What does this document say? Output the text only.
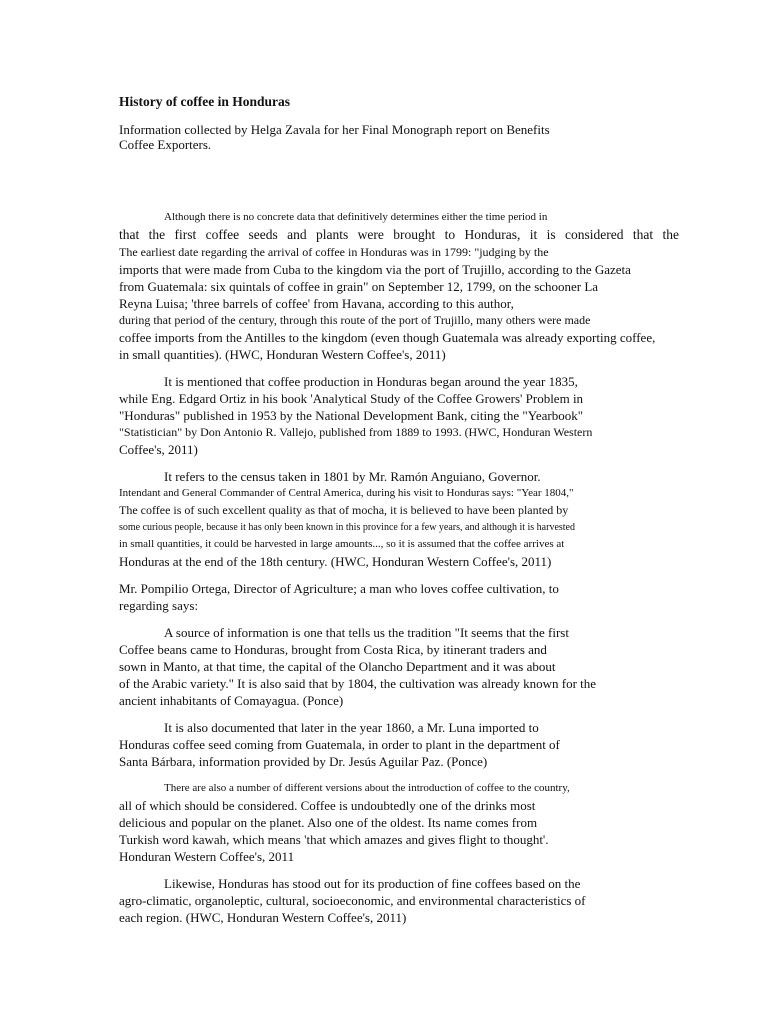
History of coffee in Honduras
Information collected by Helga Zavala for her Final Monograph report on Benefits
Coffee Exporters.
Although there is no concrete data that definitively determines either the time period in
that the first coffee seeds and plants were brought to Honduras, it is considered that the
The earliest date regarding the arrival of coffee in Honduras was in 1799: "judging by the
imports that were made from Cuba to the kingdom via the port of Trujillo, according to the Gazeta
from Guatemala: six quintals of coffee in grain" on September 12, 1799, on the schooner La
Reyna Luisa; 'three barrels of coffee' from Havana, according to this author,
during that period of the century, through this route of the port of Trujillo, many others were made
coffee imports from the Antilles to the kingdom (even though Guatemala was already exporting coffee,
in small quantities). (HWC, Honduran Western Coffee's, 2011)
It is mentioned that coffee production in Honduras began around the year 1835,
while Eng. Edgard Ortiz in his book 'Analytical Study of the Coffee Growers' Problem in
"Honduras" published in 1953 by the National Development Bank, citing the "Yearbook"
"Statistician" by Don Antonio R. Vallejo, published from 1889 to 1993. (HWC, Honduran Western
Coffee's, 2011)
It refers to the census taken in 1801 by Mr. Ramón Anguiano, Governor.
Intendant and General Commander of Central America, during his visit to Honduras says: "Year 1804,"
The coffee is of such excellent quality as that of mocha, it is believed to have been planted by
some curious people, because it has only been known in this province for a few years, and although it is harvested
in small quantities, it could be harvested in large amounts..., so it is assumed that the coffee arrives at
Honduras at the end of the 18th century. (HWC, Honduran Western Coffee's, 2011)
Mr. Pompilio Ortega, Director of Agriculture; a man who loves coffee cultivation, to
regarding says:
A source of information is one that tells us the tradition "It seems that the first
Coffee beans came to Honduras, brought from Costa Rica, by itinerant traders and
sown in Manto, at that time, the capital of the Olancho Department and it was about
of the Arabic variety." It is also said that by 1804, the cultivation was already known for the
ancient inhabitants of Comayagua. (Ponce)
It is also documented that later in the year 1860, a Mr. Luna imported to
Honduras coffee seed coming from Guatemala, in order to plant in the department of
Santa Bárbara, information provided by Dr. Jesús Aguilar Paz. (Ponce)
There are also a number of different versions about the introduction of coffee to the country,
all of which should be considered. Coffee is undoubtedly one of the drinks most
delicious and popular on the planet. Also one of the oldest. Its name comes from
Turkish word kawah, which means 'that which amazes and gives flight to thought'.
Honduran Western Coffee's, 2011
Likewise, Honduras has stood out for its production of fine coffees based on the
agro-climatic, organoleptic, cultural, socioeconomic, and environmental characteristics of
each region. (HWC, Honduran Western Coffee's, 2011)
